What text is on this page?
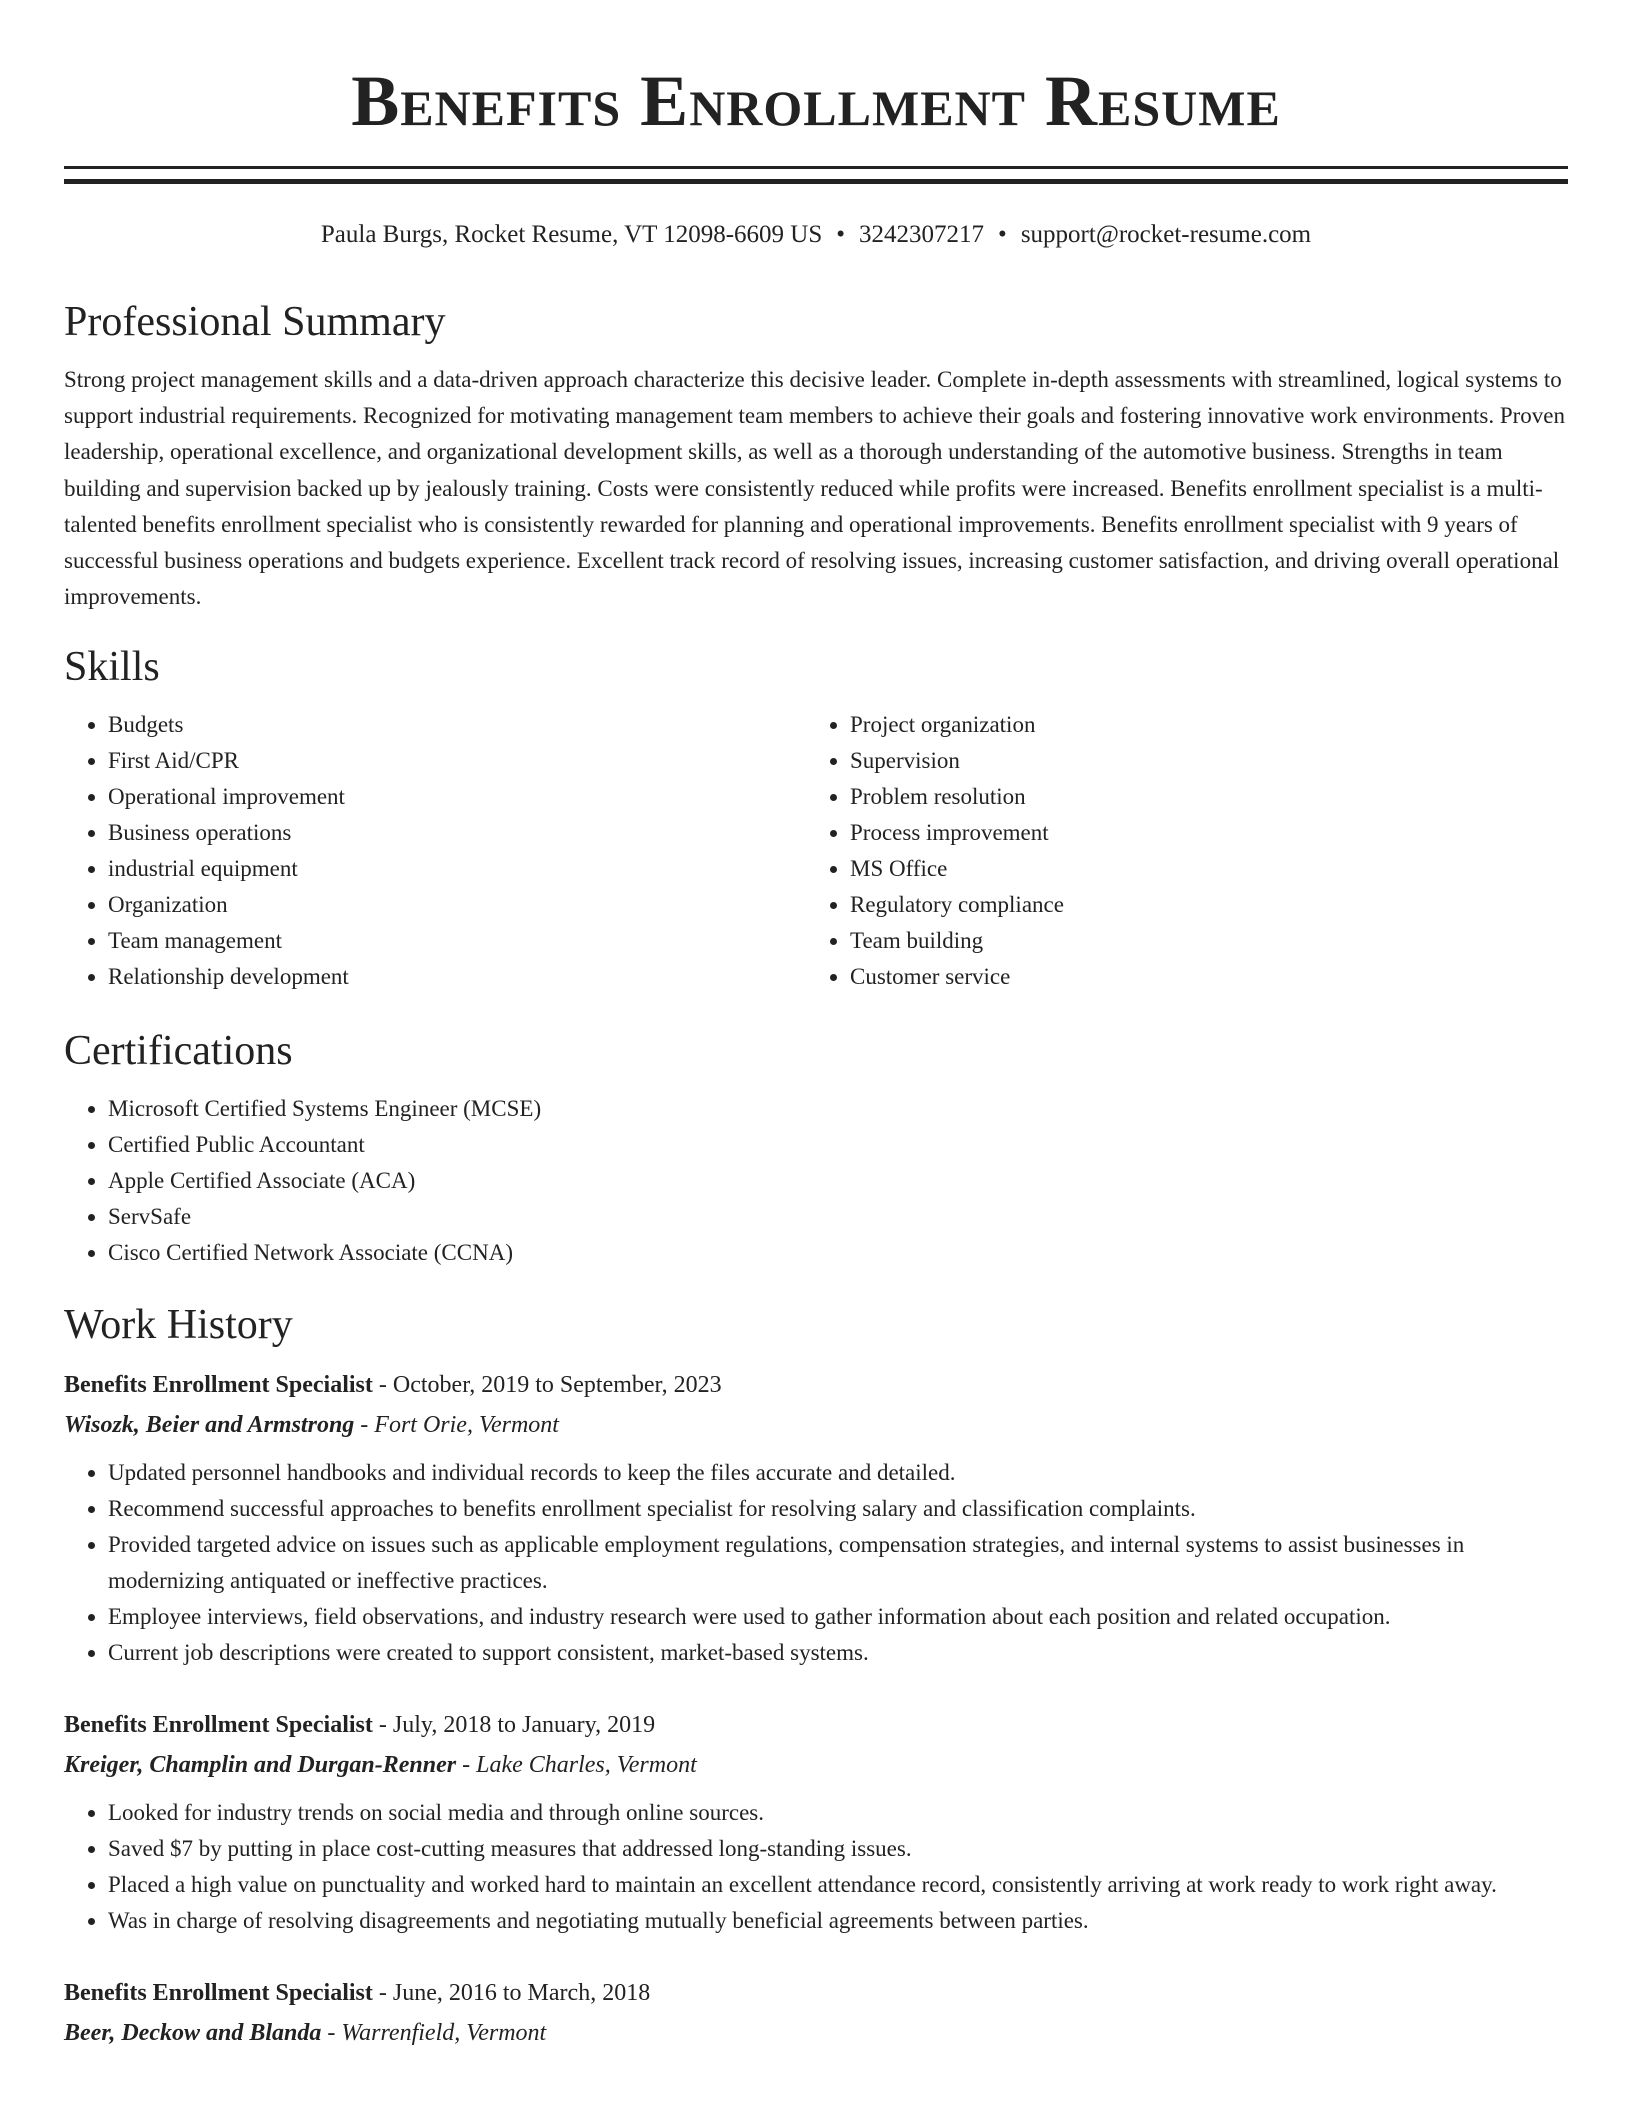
Benefits Enrollment Resume
Paula Burgs, Rocket Resume, VT 12098-6609 US • 3242307217 • support@rocket-resume.com
Professional Summary

Strong project management skills and a data-driven approach characterize this decisive leader. Complete in-depth assessments with streamlined, logical systems to support industrial requirements. Recognized for motivating management team members to achieve their goals and fostering innovative work environments. Proven leadership, operational excellence, and organizational development skills, as well as a thorough understanding of the automotive business. Strengths in team building and supervision backed up by jealously training. Costs were consistently reduced while profits were increased. Benefits enrollment specialist is a multi-talented benefits enrollment specialist who is consistently rewarded for planning and operational improvements. Benefits enrollment specialist with 9 years of successful business operations and budgets experience. Excellent track record of resolving issues, increasing customer satisfaction, and driving overall operational improvements.

Skills
• Budgets
• First Aid/CPR
• Operational improvement
• Business operations
• industrial equipment
• Organization
• Team management
• Relationship development
• Project organization
• Supervision
• Problem resolution
• Process improvement
• MS Office
• Regulatory compliance
• Team building
• Customer service
Certifications
• Microsoft Certified Systems Engineer (MCSE)
• Certified Public Accountant
• Apple Certified Associate (ACA)
• ServSafe
• Cisco Certified Network Associate (CCNA)
Work History
Benefits Enrollment Specialist - October, 2019 to September, 2023
Wisozk, Beier and Armstrong - Fort Orie, Vermont
• Updated personnel handbooks and individual records to keep the files accurate and detailed.
• Recommend successful approaches to benefits enrollment specialist for resolving salary and classification complaints.
• Provided targeted advice on issues such as applicable employment regulations, compensation strategies, and internal systems to assist businesses in modernizing antiquated or ineffective practices.
• Employee interviews, field observations, and industry research were used to gather information about each position and related occupation.
• Current job descriptions were created to support consistent, market-based systems.
Benefits Enrollment Specialist - July, 2018 to January, 2019
Kreiger, Champlin and Durgan-Renner - Lake Charles, Vermont
• Looked for industry trends on social media and through online sources.
• Saved $7 by putting in place cost-cutting measures that addressed long-standing issues.
• Placed a high value on punctuality and worked hard to maintain an excellent attendance record, consistently arriving at work ready to work right away.
• Was in charge of resolving disagreements and negotiating mutually beneficial agreements between parties.
Benefits Enrollment Specialist - June, 2016 to March, 2018
Beer, Deckow and Blanda - Warrenfield, Vermont
